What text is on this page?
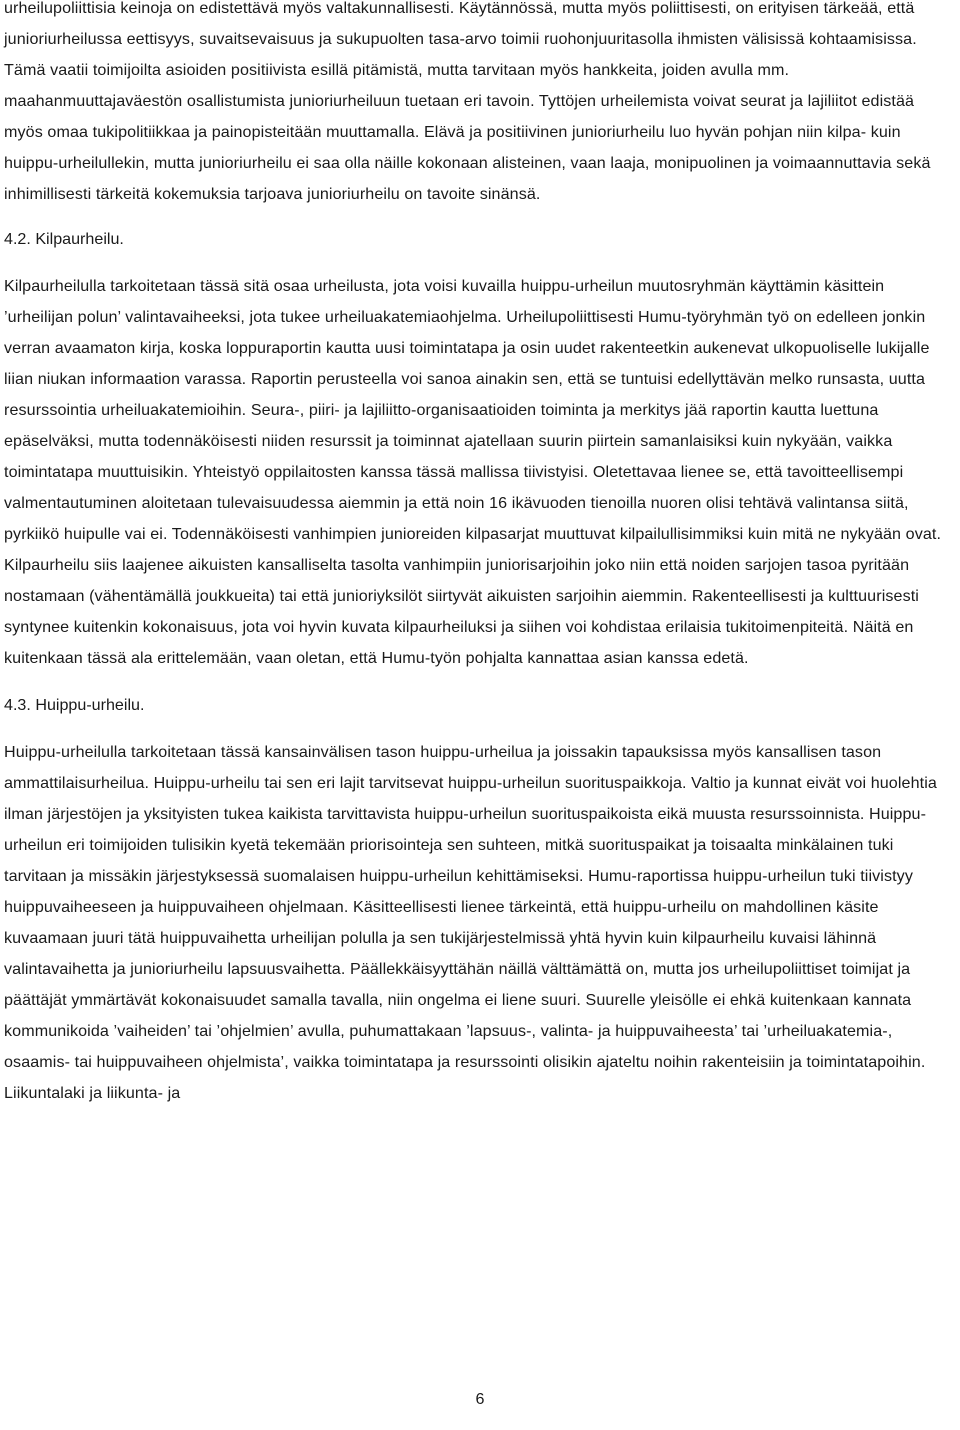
urheilupoliittisia keinoja on edistettävä myös valtakunnallisesti. Käytännössä, mutta myös poliittisesti, on erityisen tärkeää, että junioriurheilussa eettisyys, suvaitsevaisuus ja sukupuolten tasa-arvo toimii ruohonjuuritasolla ihmisten välisissä kohtaamisissa. Tämä vaatii toimijoilta asioiden positiivista esillä pitämistä, mutta tarvitaan myös hankkeita, joiden avulla mm. maahanmuuttajaväestön osallistumista junioriurheiluun tuetaan eri tavoin. Tyttöjen urheilemista voivat seurat ja lajiliitot edistää myös omaa tukipolitiikkaa ja painopisteitään muuttamalla. Elävä ja positiivinen junioriurheilu luo hyvän pohjan niin kilpa- kuin huippu-urheilullekin, mutta junioriurheilu ei saa olla näille kokonaan alisteinen, vaan laaja, monipuolinen ja voimaannuttavia sekä inhimillisesti tärkeitä kokemuksia tarjoava junioriurheilu on tavoite sinänsä.

4.2. Kilpaurheilu.

Kilpaurheilulla tarkoitetaan tässä sitä osaa urheilusta, jota voisi kuvailla huippu-urheilun muutosryhmän käyttämin käsittein ’urheilijan polun’ valintavaiheeksi, jota tukee urheiluakatemiaohjelma. Urheilupoliittisesti Humu-työryhmän työ on edelleen jonkin verran avaamaton kirja, koska loppuraportin kautta uusi toimintatapa ja osin uudet rakenteetkin aukenevat ulkopuoliselle lukijalle liian niukan informaation varassa. Raportin perusteella voi sanoa ainakin sen, että se tuntuisi edellyttävän melko runsasta, uutta resurssointia urheiluakatemioihin. Seura-, piiri- ja lajiliitto-organisaatioiden toiminta ja merkitys jää raportin kautta luettuna epäselväksi, mutta todennäköisesti niiden resurssit ja toiminnat ajatellaan suurin piirtein samanlaisiksi kuin nykyään, vaikka toimintatapa muuttuisikin. Yhteistyö oppilaitosten kanssa tässä mallissa tiivistyisi. Oletettavaa lienee se, että tavoitteellisempi valmentautuminen aloitetaan tulevaisuudessa aiemmin ja että noin 16 ikävuoden tienoilla nuoren olisi tehtävä valintansa siitä, pyrkiikö huipulle vai ei. Todennäköisesti vanhimpien junioreiden kilpasarjat muuttuvat kilpailullisimmiksi kuin mitä ne nykyään ovat. Kilpaurheilu siis laajenee aikuisten kansalliselta tasolta vanhimpiin juniorisarjoihin joko niin että noiden sarjojen tasoa pyritään nostamaan (vähentämällä joukkueita) tai että junioriyksilöt siirtyvät aikuisten sarjoihin aiemmin. Rakenteellisesti ja kulttuurisesti syntynee kuitenkin kokonaisuus, jota voi hyvin kuvata kilpaurheiluksi ja siihen voi kohdistaa erilaisia tukitoimenpiteitä. Näitä en kuitenkaan tässä ala erittelemään, vaan oletan, että Humu-työn pohjalta kannattaa asian kanssa edetä.

4.3. Huippu-urheilu.

Huippu-urheilulla tarkoitetaan tässä kansainvälisen tason huippu-urheilua ja joissakin tapauksissa myös kansallisen tason ammattilaisurheilua. Huippu-urheilu tai sen eri lajit tarvitsevat huippu-urheilun suorituspaikkoja. Valtio ja kunnat eivät voi huolehtia ilman järjestöjen ja yksityisten tukea kaikista tarvittavista huippu-urheilun suorituspaikoista eikä muusta resurssoinnista. Huippu-urheilun eri toimijoiden tulisikin kyetä tekemään priorisointeja sen suhteen, mitkä suorituspaikat ja toisaalta minkälainen tuki tarvitaan ja missäkin järjestyksessä suomalaisen huippu-urheilun kehittämiseksi. Humu-raportissa huippu-urheilun tuki tiivistyy huippuvaiheeseen ja huippuvaiheen ohjelmaan. Käsitteellisesti lienee tärkeintä, että huippu-urheilu on mahdollinen käsite kuvaamaan juuri tätä huippuvaihetta urheilijan polulla ja sen tukijärjestelmissä yhtä hyvin kuin kilpaurheilu kuvaisi lähinnä valintavaihetta ja junioriurheilu lapsuusvaihetta. Päällekkäisyyttähän näillä välttämättä on, mutta jos urheilupoliittiset toimijat ja päättäjät ymmärtävät kokonaisuudet samalla tavalla, niin ongelma ei liene suuri. Suurelle yleisölle ei ehkä kuitenkaan kannata kommunikoida ’vaiheiden’ tai ’ohjelmien’ avulla, puhumattakaan ’lapsuus-, valinta- ja huippuvaiheesta’ tai ’urheiluakatemia-, osaamis- tai huippuvaiheen ohjelmista’, vaikka toimintatapa ja resurssointi olisikin ajateltu noihin rakenteisiin ja toimintatapoihin. Liikuntalaki ja liikunta- ja

6
